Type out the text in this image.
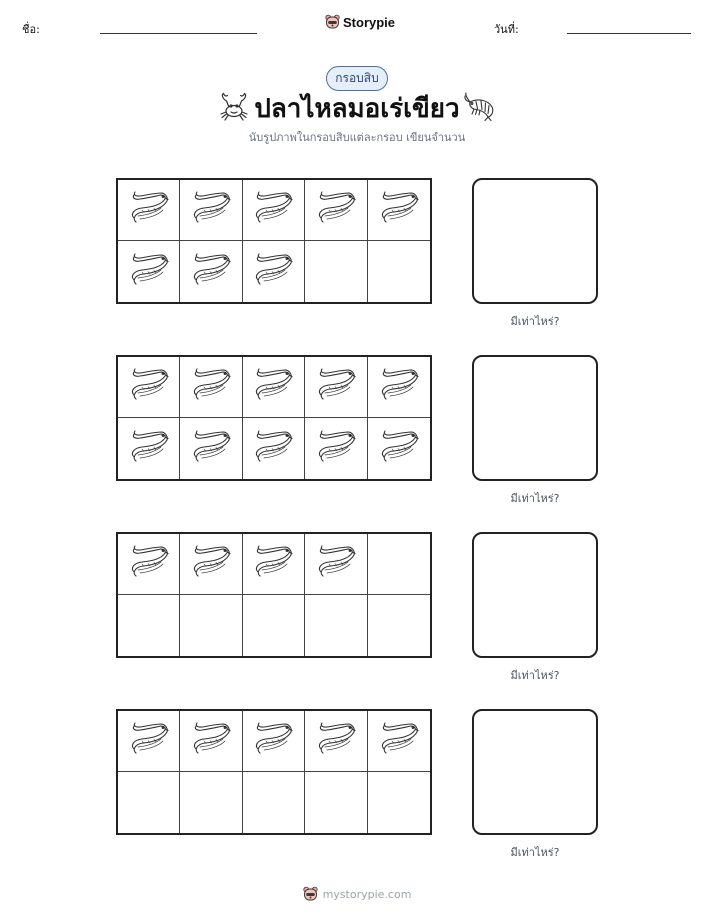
ชื่อ:	Storypie	วันที่:
กรอบสิบ
ปลาไหลมอเร่เขียว
นับรูปภาพในกรอบสิบแต่ละกรอบ เขียนจำนวน
มีเท่าไหร่?
มีเท่าไหร่?
มีเท่าไหร่?
มีเท่าไหร่?
mystorypie.com
